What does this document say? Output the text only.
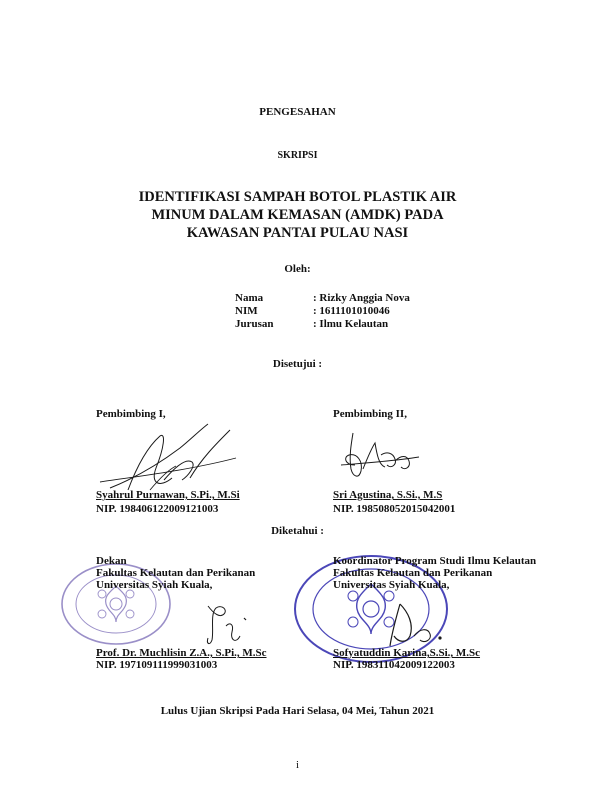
PENGESAHAN
SKRIPSI
IDENTIFIKASI SAMPAH BOTOL PLASTIK AIR
MINUM DALAM KEMASAN (AMDK) PADA
KAWASAN PANTAI PULAU NASI
Oleh:
Nama	: Rizky Anggia Nova
NIM	: 1611101010046
Jurusan	: Ilmu Kelautan
Disetujui :
Pembimbing I,
Syahrul Purnawan, S.Pi., M.Si
NIP. 198406122009121003
Pembimbing II,
Sri Agustina, S.Si., M.S
NIP. 198508052015042001
Diketahui :
Dekan
Fakultas Kelautan dan Perikanan
Universitas Syiah Kuala,
Prof. Dr. Muchlisin Z.A., S.Pi., M.Sc
NIP. 197109111999031003
Koordinator Program Studi Ilmu Kelautan
Fakultas Kelautan dan Perikanan
Universitas Syiah Kuala,
Sofyatuddin Karina,S.Si., M.Sc
NIP. 198311042009122003
Lulus Ujian Skripsi Pada Hari Selasa, 04 Mei, Tahun 2021
i
